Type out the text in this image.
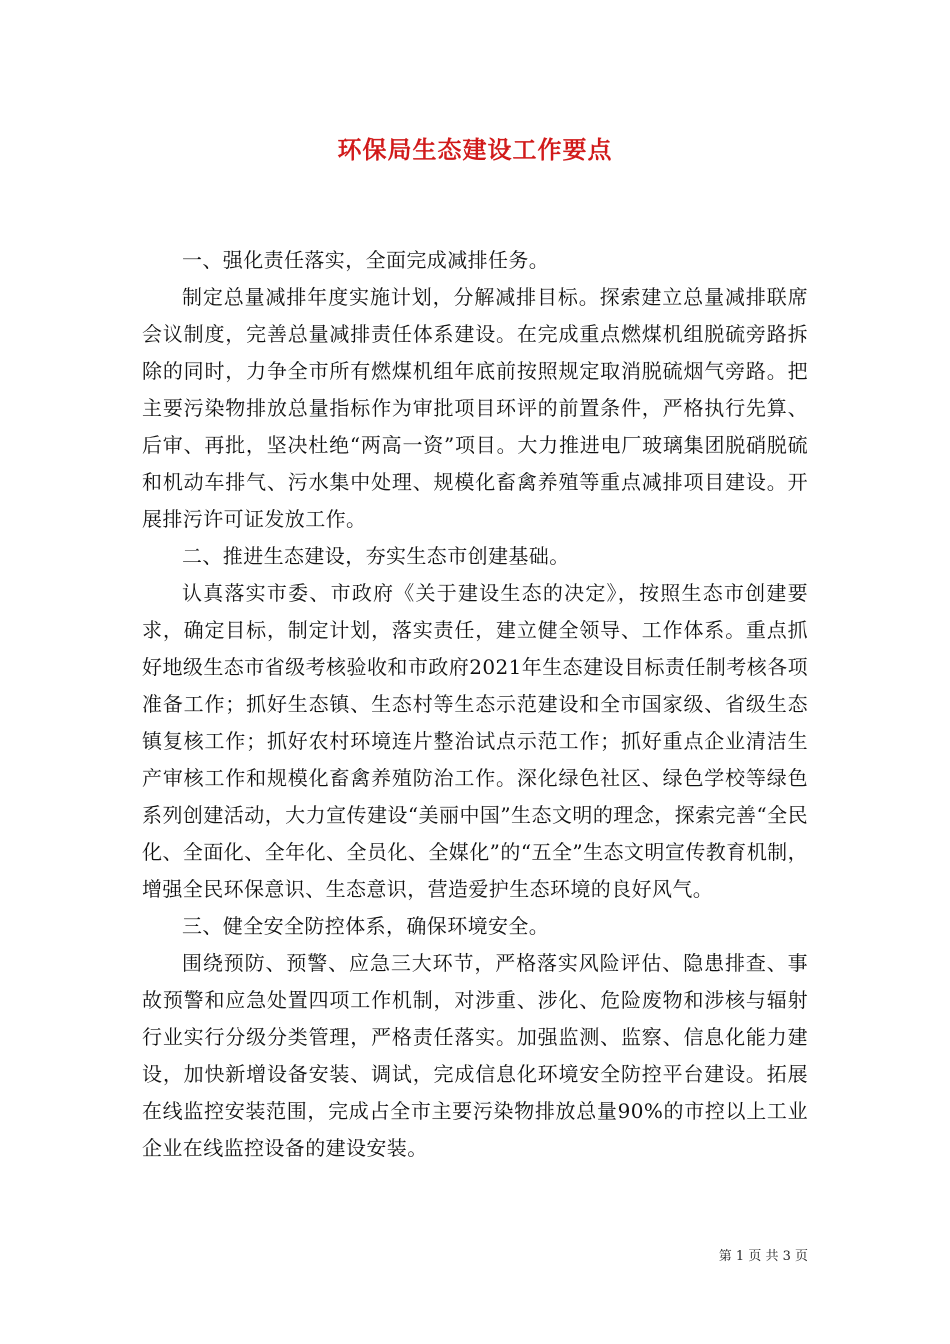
环保局生态建设工作要点

一、强化责任落实，全面完成减排任务。

制定总量减排年度实施计划，分解减排目标。探索建立总量减排联席会议制度，完善总量减排责任体系建设。在完成重点燃煤机组脱硫旁路拆除的同时，力争全市所有燃煤机组年底前按照规定取消脱硫烟气旁路。把主要污染物排放总量指标作为审批项目环评的前置条件，严格执行先算、后审、再批，坚决杜绝“两高一资”项目。大力推进电厂玻璃集团脱硝脱硫和机动车排气、污水集中处理、规模化畜禽养殖等重点减排项目建设。开展排污许可证发放工作。

二、推进生态建设，夯实生态市创建基础。

认真落实市委、市政府《关于建设生态的决定》，按照生态市创建要求，确定目标，制定计划，落实责任，建立健全领导、工作体系。重点抓好地级生态市省级考核验收和市政府2021年生态建设目标责任制考核各项准备工作；抓好生态镇、生态村等生态示范建设和全市国家级、省级生态镇复核工作；抓好农村环境连片整治试点示范工作；抓好重点企业清洁生产审核工作和规模化畜禽养殖防治工作。深化绿色社区、绿色学校等绿色系列创建活动，大力宣传建设“美丽中国”生态文明的理念，探索完善“全民化、全面化、全年化、全员化、全媒化”的“五全”生态文明宣传教育机制，增强全民环保意识、生态意识，营造爱护生态环境的良好风气。

三、健全安全防控体系，确保环境安全。

围绕预防、预警、应急三大环节，严格落实风险评估、隐患排查、事故预警和应急处置四项工作机制，对涉重、涉化、危险废物和涉核与辐射行业实行分级分类管理，严格责任落实。加强监测、监察、信息化能力建设，加快新增设备安装、调试，完成信息化环境安全防控平台建设。拓展在线监控安装范围，完成占全市主要污染物排放总量90%的市控以上工业企业在线监控设备的建设安装。

第 1 页 共 3 页
